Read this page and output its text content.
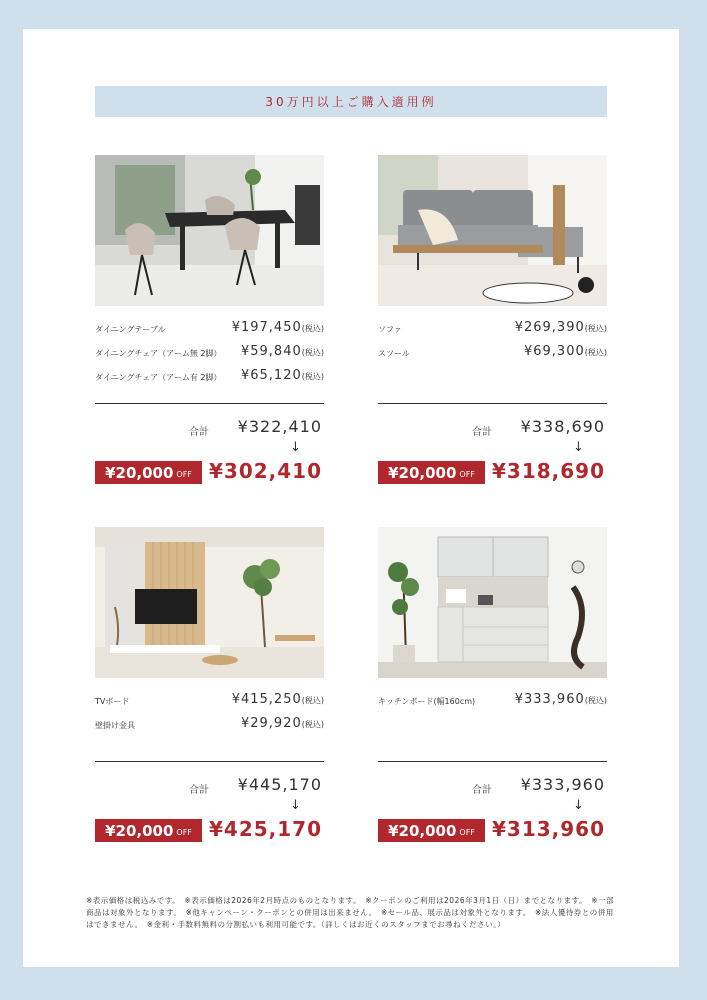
30万円以上ご購入適用例
ダイニングテーブル	¥197,450(税込)
ダイニングチェア（アーム無 2脚） ¥59,840(税込)
ダイニングチェア（アーム有 2脚） ¥65,120(税込)
合計 ¥322,410
↓
¥20,000 OFF ¥302,410
ソファ	¥269,390(税込)
スツール	¥69,300(税込)
合計 ¥338,690
↓
¥20,000 OFF ¥318,690
TVボード	¥415,250(税込)
壁掛け金具	¥29,920(税込)
合計 ¥445,170
↓
¥20,000 OFF ¥425,170
キッチンボード(幅160cm)	¥333,960(税込)
合計 ¥333,960
↓
¥20,000 OFF ¥313,960
※表示価格は税込みです。　※表示価格は2026年2月時点のものとなります。　※クーポンのご利用は2026年3月1日（日）までとなります。　※一部商品は対象外となります。　※他キャンペーン・クーポンとの併用は出来ません。　※セール品、展示品は対象外となります。　※法人優待券との併用はできません。　※金利・手数料無料の分割払いも利用可能です。（詳しくはお近くのスタッフまでお尋ねください。）
